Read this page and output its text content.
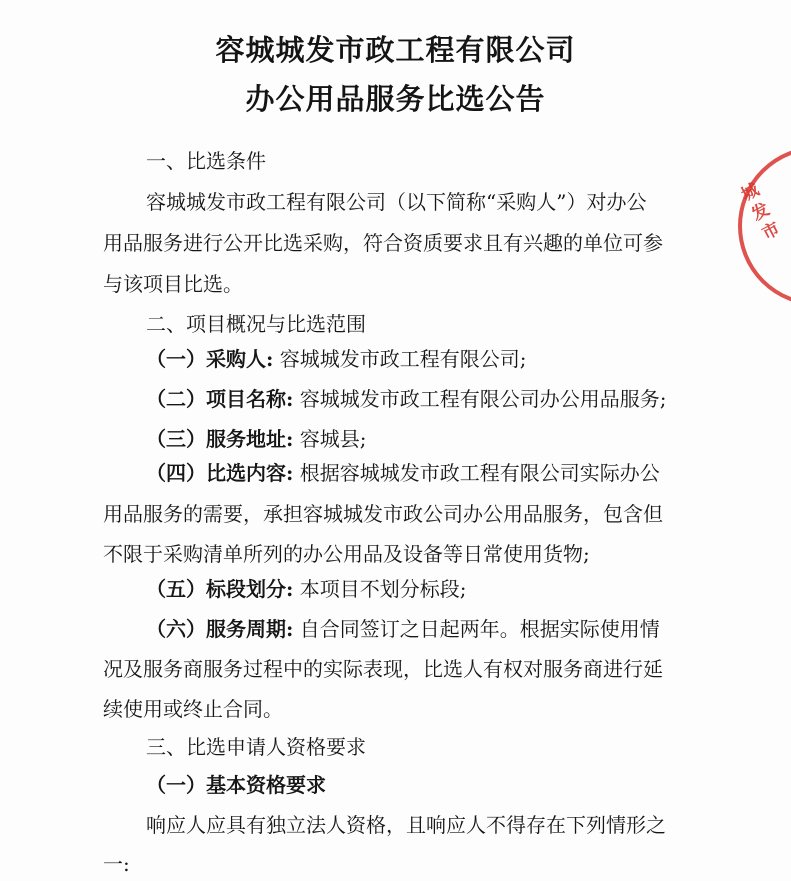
城发市
容城城发市政工程有限公司
办公用品服务比选公告
一、比选条件
容城城发市政工程有限公司（以下简称“采购人”）对办公
用品服务进行公开比选采购，符合资质要求且有兴趣的单位可参
与该项目比选。
二、项目概况与比选范围
（一）采购人: 容城城发市政工程有限公司;
（二）项目名称: 容城城发市政工程有限公司办公用品服务;
（三）服务地址: 容城县;
（四）比选内容: 根据容城城发市政工程有限公司实际办公
用品服务的需要，承担容城城发市政公司办公用品服务，包含但
不限于采购清单所列的办公用品及设备等日常使用货物;
（五）标段划分: 本项目不划分标段;
（六）服务周期: 自合同签订之日起两年。根据实际使用情
况及服务商服务过程中的实际表现，比选人有权对服务商进行延
续使用或终止合同。
三、比选申请人资格要求
（一）基本资格要求
响应人应具有独立法人资格，且响应人不得存在下列情形之
一:
